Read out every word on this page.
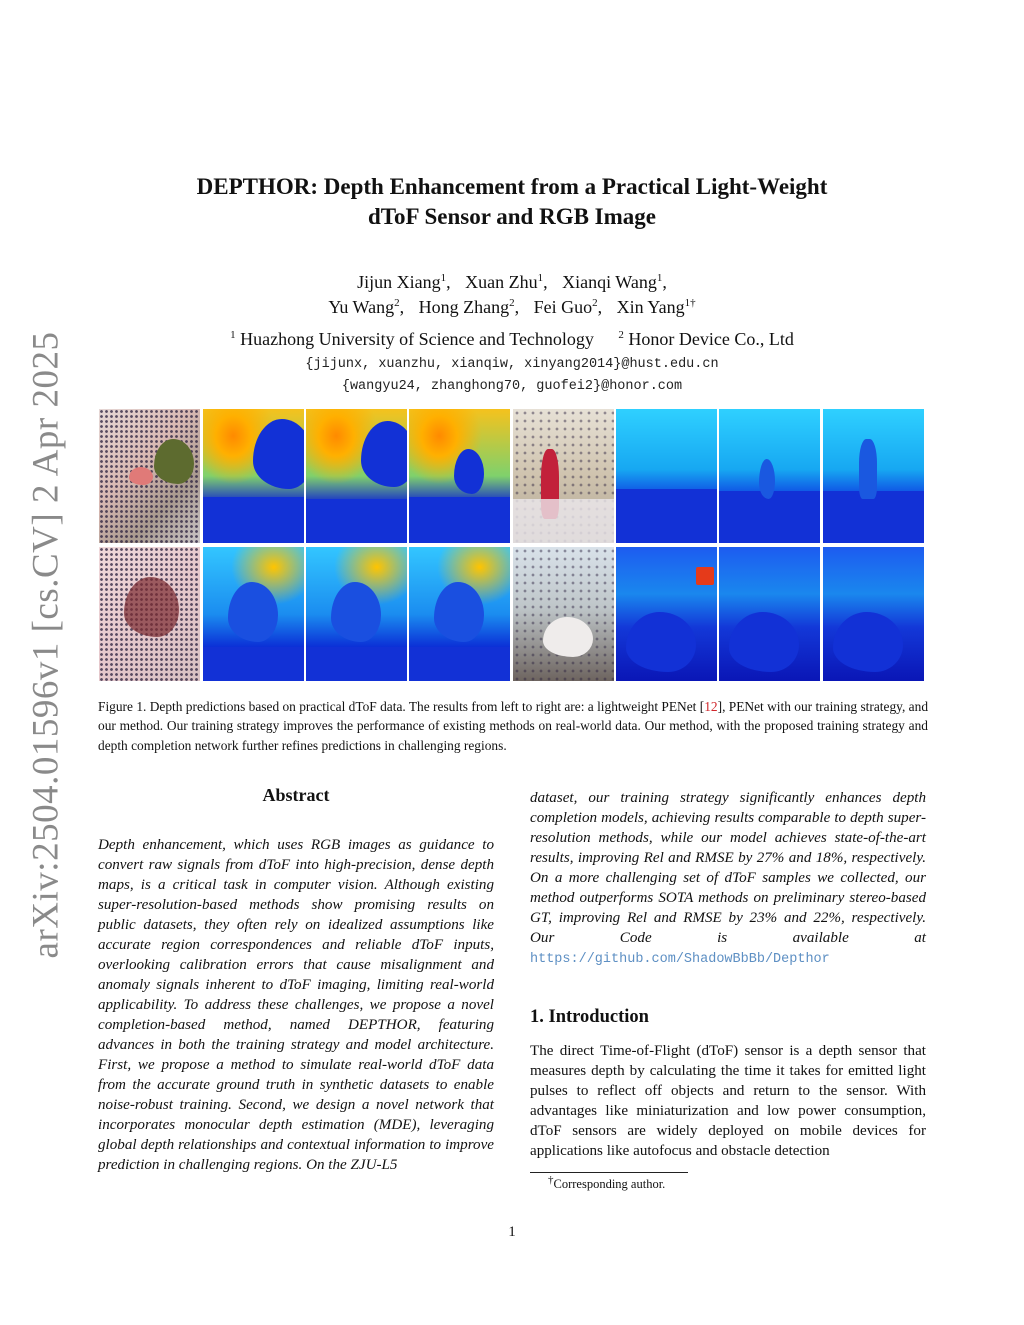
arXiv:2504.01596v1 [cs.CV] 2 Apr 2025
DEPTHOR: Depth Enhancement from a Practical Light-Weight
dToF Sensor and RGB Image
Jijun Xiang$^1$, Xuan Zhu$^1$, Xianqi Wang$^1$,
Yu Wang$^2$, Hong Zhang$^2$, Fei Guo$^2$, Xin Yang$^{1\dagger}$
$^1$ Huazhong University of Science and Technology $^2$ Honor Device Co., Ltd
{jijunx, xuanzhu, xianqiw, xinyang2014}@hust.edu.cn
{wangyu24, zhanghong70, guofei2}@honor.com
Figure 1. Depth predictions based on practical dToF data. The results from left to right are: a lightweight PENet [12], PENet with our training strategy, and our method. Our training strategy improves the performance of existing methods on real-world data. Our method, with the proposed training strategy and depth completion network further refines predictions in challenging regions.
Abstract
Depth enhancement, which uses RGB images as guidance to convert raw signals from dToF into high-precision, dense depth maps, is a critical task in computer vision. Although existing super-resolution-based methods show promising results on public datasets, they often rely on idealized assumptions like accurate region correspondences and reliable dToF inputs, overlooking calibration errors that cause misalignment and anomaly signals inherent to dToF imaging, limiting real-world applicability. To address these challenges, we propose a novel completion-based method, named DEPTHOR, featuring advances in both the training strategy and model architecture. First, we propose a method to simulate real-world dToF data from the accurate ground truth in synthetic datasets to enable noise-robust training. Second, we design a novel network that incorporates monocular depth estimation (MDE), leveraging global depth relationships and contextual information to improve prediction in challenging regions. On the ZJU-L5
dataset, our training strategy significantly enhances depth completion models, achieving results comparable to depth super-resolution methods, while our model achieves state-of-the-art results, improving Rel and RMSE by 27% and 18%, respectively. On a more challenging set of dToF samples we collected, our method outperforms SOTA methods on preliminary stereo-based GT, improving Rel and RMSE by 23% and 22%, respectively. Our Code is available at https://github.com/ShadowBbBb/Depthor
1. Introduction
The direct Time-of-Flight (dToF) sensor is a depth sensor that measures depth by calculating the time it takes for emitted light pulses to reflect off objects and return to the sensor. With advantages like miniaturization and low power consumption, dToF sensors are widely deployed on mobile devices for applications like autofocus and obstacle detection
†Corresponding author.
1
